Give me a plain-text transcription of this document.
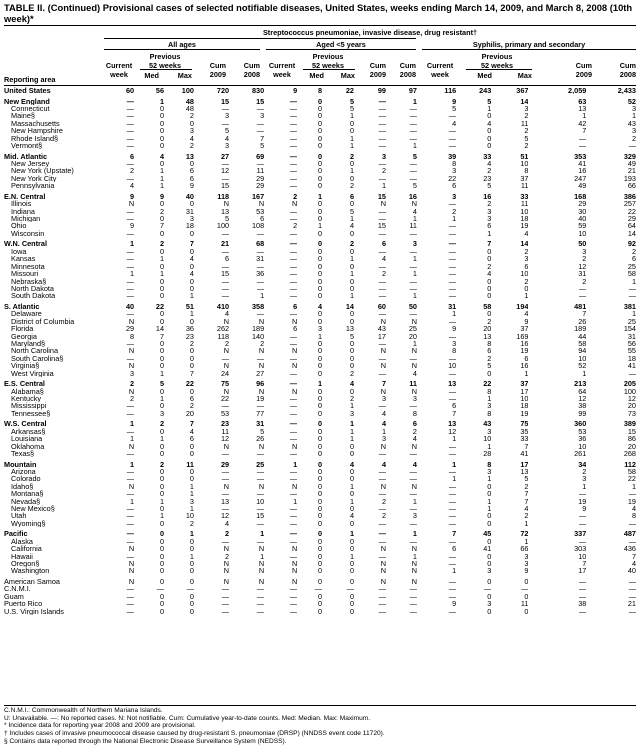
TABLE II. (Continued) Provisional cases of selected notifiable diseases, United States, weeks ending March 14, 2009, and March 8, 2008 (10th week)*
Streptococcus pneumoniae, invasive disease, drug resistant†
All ages	Aged <5 years	Syphilis, primary and secondary
Current
week
Previous
52 weeks
Med	Max
Cum
2009
Cum
2008
Current
week
Previous
52 weeks
Med	Max
Cum
2009
Cum
2008
Current
week
Previous
52 weeks
Med	Max
Cum
2009
Cum
2008
Reporting area
United States	60	56	100	720	830	9	8	22	99	97	116	243	367	2,059	2,433
New England	—	1	48	15	15	—	0	5	—	1	9	5	14	63	52
Connecticut	—	0	48	—	—	—	0	5	—	—	5	1	3	13	3
Maine§	—	0	2	3	3	—	0	1	—	—	—	0	2	1	1
Massachusetts	—	0	0	—	—	—	0	0	—	—	4	4	11	42	43
New Hampshire	—	0	3	5	—	—	0	0	—	—	—	0	2	7	3
Rhode Island§	—	0	4	4	7	—	0	1	—	—	—	0	5	—	2
Vermont§	—	0	2	3	5	—	0	1	—	1	—	0	2	—	—
Mid. Atlantic	6	4	13	27	69	—	0	2	3	5	39	33	51	353	329
New Jersey	—	0	0	—	—	—	0	0	—	—	8	4	10	41	49
New York (Upstate)	2	1	6	12	11	—	0	1	2	—	3	2	8	16	21
New York City	—	1	6	—	29	—	0	0	—	—	22	23	37	247	193
Pennsylvania	4	1	9	15	29	—	0	2	1	5	6	5	11	49	66
E.N. Central	9	9	40	118	167	2	1	6	15	16	3	16	33	168	386
Illinois	N	0	0	N	N	N	0	0	N	N	—	2	11	29	257
Indiana	—	2	31	13	53	—	0	5	—	4	2	3	10	30	22
Michigan	—	0	3	5	6	—	0	1	—	1	1	3	18	40	29
Ohio	9	7	18	100	108	2	1	4	15	11	—	6	19	59	64
Wisconsin	—	0	0	—	—	—	0	0	—	—	—	1	4	10	14
W.N. Central	1	2	7	21	68	—	0	2	6	3	—	7	14	50	92
Iowa	—	0	0	—	—	—	0	0	—	—	—	0	2	3	2
Kansas	—	1	4	6	31	—	0	1	4	1	—	0	3	2	6
Minnesota	—	0	0	—	—	—	0	0	—	—	—	2	6	12	25
Missouri	1	1	4	15	36	—	0	1	2	1	—	4	10	31	58
Nebraska§	—	0	0	—	—	—	0	0	—	—	—	0	2	2	1
North Dakota	—	0	0	—	—	—	0	0	—	—	—	0	0	—	—
South Dakota	—	0	1	—	1	—	0	1	—	1	—	0	1	—	—
S. Atlantic	40	22	51	410	358	6	4	14	60	50	31	58	194	481	381
Delaware	—	0	1	4	—	—	0	0	—	—	1	0	4	7	1
District of Columbia	N	0	0	N	N	N	0	0	N	N	—	2	9	26	25
Florida	29	14	36	262	189	6	3	13	43	25	9	20	37	189	154
Georgia	8	7	23	118	140	—	1	5	17	20	—	13	169	44	31
Maryland§	—	0	2	2	2	—	0	0	—	1	3	8	16	58	56
North Carolina	N	0	0	N	N	N	0	0	N	N	8	6	19	94	55
South Carolina§	—	0	0	—	—	—	0	0	—	—	—	2	6	10	18
Virginia§	N	0	0	N	N	N	0	0	N	N	10	5	16	52	41
West Virginia	3	1	7	24	27	—	0	2	—	4	—	0	1	1	—
E.S. Central	2	5	22	75	96	—	1	4	7	11	13	22	37	213	205
Alabama§	N	0	0	N	N	N	0	0	N	N	—	8	17	64	100
Kentucky	2	1	6	22	19	—	0	2	3	3	—	1	10	12	12
Mississippi	—	0	2	—	—	—	0	1	—	—	6	3	18	38	20
Tennessee§	—	3	20	53	77	—	0	3	4	8	7	8	19	99	73
W.S. Central	1	2	7	23	31	—	0	1	4	6	13	43	75	360	389
Arkansas§	—	0	4	11	5	—	0	1	1	2	12	3	35	53	15
Louisiana	1	1	6	12	26	—	0	1	3	4	1	10	33	36	86
Oklahoma	N	0	0	N	N	N	0	0	N	N	—	1	7	10	20
Texas§	—	0	0	—	—	—	0	0	—	—	—	28	41	261	268
Mountain	1	2	11	29	25	1	0	4	4	4	1	8	17	34	112
Arizona	—	0	0	—	—	—	0	0	—	—	—	3	13	2	58
Colorado	—	0	0	—	—	—	0	0	—	—	1	1	5	3	22
Idaho§	N	0	1	N	N	N	0	1	N	N	—	0	2	1	1
Montana§	—	0	1	—	—	—	0	0	—	—	—	0	7	—	—
Nevada§	1	1	3	13	10	1	0	1	2	1	—	1	7	19	19
New Mexico§	—	0	1	—	—	—	0	0	—	—	—	1	4	9	4
Utah	—	1	10	12	15	—	0	4	2	3	—	0	2	—	8
Wyoming§	—	0	2	4	—	—	0	0	—	—	—	0	1	—	—
Pacific	—	0	1	2	1	—	0	1	—	1	7	45	72	337	487
Alaska	—	0	0	—	—	—	0	0	—	—	—	0	1	—	—
California	N	0	0	N	N	N	0	0	N	N	6	41	66	303	436
Hawaii	—	0	1	2	1	—	0	1	—	1	—	0	3	10	7
Oregon§	N	0	0	N	N	N	0	0	N	N	—	0	3	7	4
Washington	N	0	0	N	N	N	0	0	N	N	1	3	9	17	40
American Samoa	N	0	0	N	N	N	0	0	N	N	—	0	0	—	—
C.N.M.I.	—	—	—	—	—	—	—	—	—	—	—	—	—	—	—
Guam	—	0	0	—	—	—	0	0	—	—	—	0	0	—	—
Puerto Rico	—	0	0	—	—	—	0	0	—	—	9	3	11	38	21
U.S. Virgin Islands	—	0	0	—	—	—	0	0	—	—	—	0	0	—	—
C.N.M.I.: Commonwealth of Northern Mariana Islands.
U: Unavailable. —: No reported cases. N: Not notifiable. Cum: Cumulative year-to-date counts. Med: Median. Max: Maximum.
* Incidence data for reporting year 2008 and 2009 are provisional.
† Includes cases of invasive pneumococcal disease caused by drug-resistant S. pneumoniae (DRSP) (NNDSS event code 11720).
§ Contains data reported through the National Electronic Disease Surveillance System (NEDSS).
